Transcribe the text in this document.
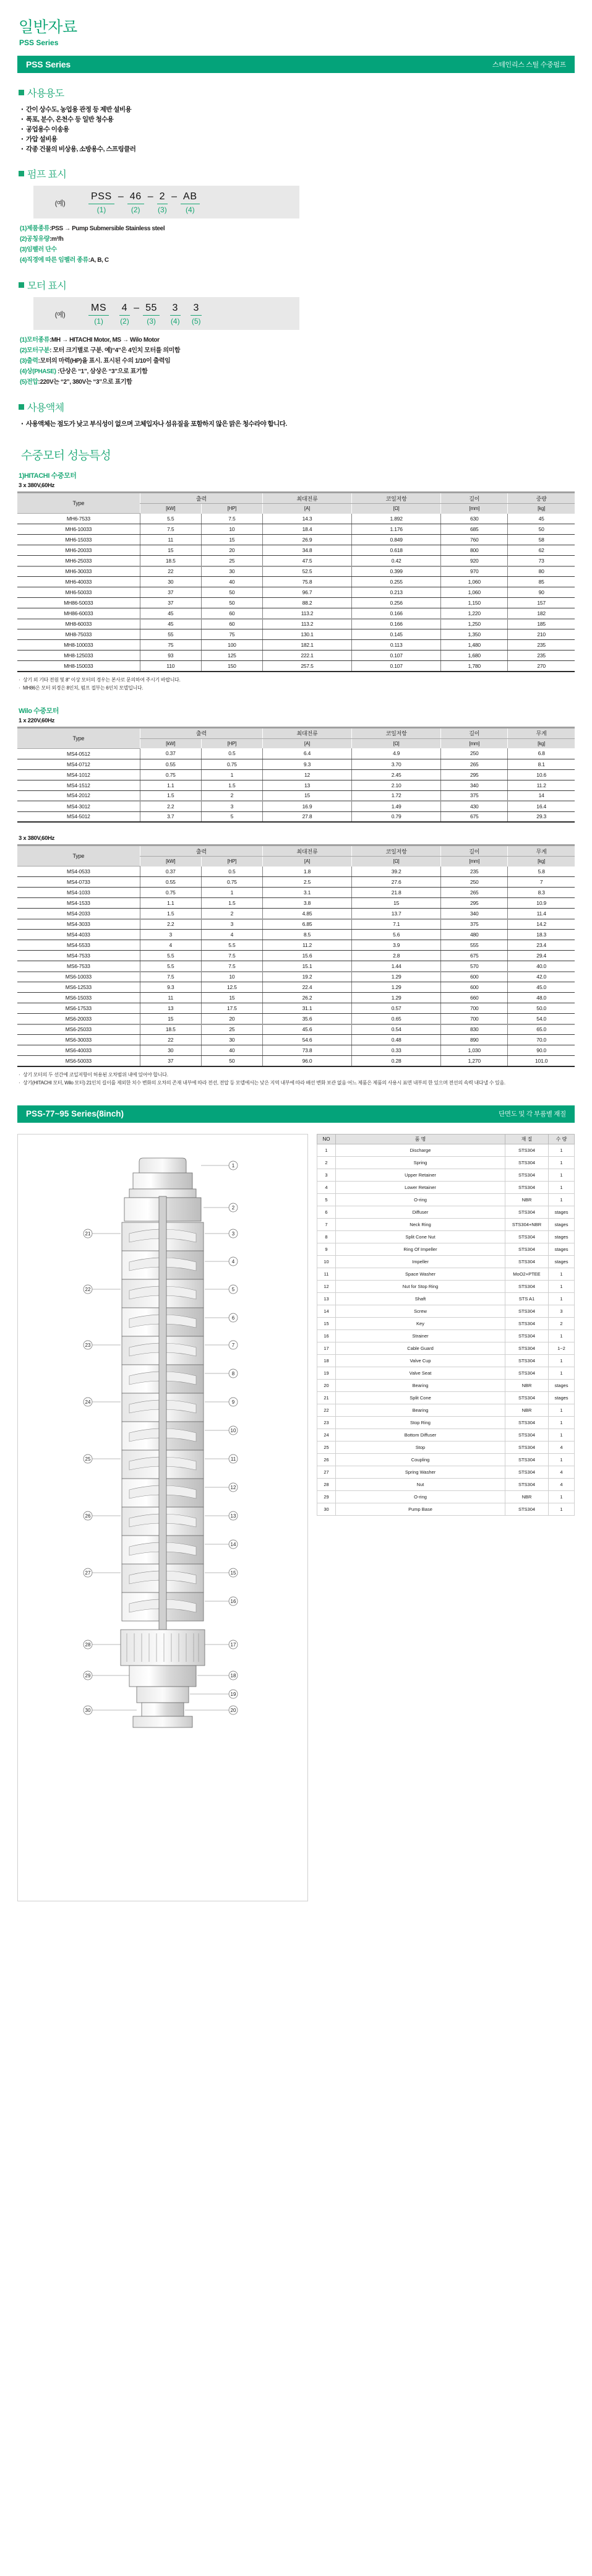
일반자료
PSS Series
PSS Series	스테인리스 스틸 수중펌프
사용용도
· 간이 상수도, 농업용 관정 등 제반 설비용
· 폭포, 분수, 온천수 등 일반 청수용
· 공업용수 이송용
· 가압 설비용
· 각종 건물의 비상용, 소방용수, 스프링클러
펌프 표시
(예)
PSS
(1)
– 46
(2)
– 2
(3)
– AB
(4)
(1)제품종류:PSS → Pump Submersible Stainless steel
(2)공칭유량:m³/h
(3)임펠러 단수
(4)직경에 따른 임펠러 종류:A, B, C
모터 표시
(예)
MS
(1)

4
(2)
– 55
(3)

3
(4)

3
(5)
(1)모터종류:MH → HITACHI Motor, MS → Wilo Motor
(2)모터구분: 모터 크기별로 구분. 예)“4”은 4인치 모터를 의미함
(3)출력:모터의 마력(HP)을 표시. 표시된 수의 1/10이 출력임
(4)상(PHASE) :단상은 “1”, 삼상은 “3”으로 표기함
(5)전압:220V는 “2”, 380V는 “3”으로 표기함
사용액체
· 사용액체는 점도가 낮고 부식성이 없으며 고체입자나 섬유질을 포함하지 않은 맑은 청수라야 합니다.
수중모터 성능특성
1)HITACHI 수중모터
3 x 380V,60Hz
Type	출력		최대전류	코일저항	길이	중량
	[kW]	[HP]	[A]	[Ω]	[mm]	[kg]
MH6-7533	5.5	7.5	14.3	1.892	630	45
MH6-10033	7.5	10	18.4	1.176	685	50
MH6-15033	11	15	26.9	0.849	760	58
MH6-20033	15	20	34.8	0.618	800	62
MH6-25033	18.5	25	47.5	0.42	920	73
MH6-30033	22	30	52.5	0.399	970	80
MH6-40033	30	40	75.8	0.255	1,060	85
MH6-50033	37	50	96.7	0.213	1,060	90
MH86-50033	37	50	88.2	0.256	1,150	157
MH86-60033	45	60	113.2	0.166	1,220	182
MH8-60033	45	60	113.2	0.166	1,250	185
MH8-75033	55	75	130.1	0.145	1,350	210
MH8-100033	75	100	182.1	0.113	1,480	235
MH8-125033	93	125	222.1	0.107	1,680	235
MH8-150033	110	150	257.5	0.107	1,780	270
· 상기 외 기타 전원 및 8" 이상 모터의 경우는 본사로 문의하여 주시기 바랍니다.
· MH86은 모터 외경은 8인치, 펌프 접부는 6인치 모델입니다.
Wilo 수중모터
1 x 220V,60Hz
Type	출력		최대전류	코일저항	길이	무게
	[kW]	[HP]	[A]	[Ω]	[mm]	[kg]
MS4-0512	0.37	0.5	6.4	4.9	250	6.8
MS4-0712	0.55	0.75	9.3	3.70	265	8.1
MS4-1012	0.75	1	12	2.45	295	10.6
MS4-1512	1.1	1.5	13	2.10	340	11.2
MS4-2012	1.5	2	15	1.72	375	14
MS4-3012	2.2	3	16.9	1.49	430	16.4
MS4-5012	3.7	5	27.8	0.79	675	29.3
3 x 380V,60Hz
Type	출력		최대전류	코일저항	길이	무게
	[kW]	[HP]	[A]	[Ω]	[mm]	[kg]
MS4-0533	0.37	0.5	1.8	39.2	235	5.8
MS4-0733	0.55	0.75	2.5	27.6	250	7
MS4-1033	0.75	1	3.1	21.8	265	8.3
MS4-1533	1.1	1.5	3.8	15	295	10.9
MS4-2033	1.5	2	4.85	13.7	340	11.4
MS4-3033	2.2	3	6.85	7.1	375	14.2
MS4-4033	3	4	8.5	5.6	480	18.3
MS4-5533	4	5.5	11.2	3.9	555	23.4
MS4-7533	5.5	7.5	15.6	2.8	675	29.4
MS6-7533	5.5	7.5	15.1	1.44	570	40.0
MS6-10033	7.5	10	19.2	1.29	600	42.0
MS6-12533	9.3	12.5	22.4	1.29	600	45.0
MS6-15033	11	15	26.2	1.29	660	48.0
MS6-17533	13	17.5	31.1	0.57	700	50.0
MS6-20033	15	20	35.6	0.65	700	54.0
MS6-25033	18.5	25	45.6	0.54	830	65.0
MS6-30033	22	30	54.6	0.48	890	70.0
MS6-40033	30	40	73.8	0.33	1,030	90.0
MS6-50033	37	50	96.0	0.28	1,270	101.0
· 상기 모터의 두 선간에 코일저항이 허용된 오차범위 내에 있어야 합니다.
· 상기(HITACHI 모터, Wilo 모터) 21인치 길이를 제외한 치수 변화의 오차의 존재 내부에 따라 전선, 전압 등 모델에서는 낮은 지역 내부에 따라 배선 변화 보관 없음 어느 제품은 제품의 사용시 표면 내부의 한 있으며 전선의 속력 내다낼 수 있음.
PSS-77~95 Series(8inch)	단면도 및 각 부품별 재질
1
2
3
4
5
6
7
8
9
10
11
12
13
14
15
16
17
18
19
20
21
22
23
24
25
26
27
28
29
30
NO	품 명	재 질	수 량
1	Discharge	STS304	1
2	Spring	STS304	1
3	Upper Retainer	STS304	1
4	Lower Retainer	STS304	1
5	O-ring	NBR	1
6	Diffuser	STS304	stages
7	Neck Ring	STS304+NBR	stages
8	Split Cone Nut	STS304	stages
9	Ring Of Impeller	STS304	stages
10	Impeller	STS304	stages
11	Space Washer	MoO2+PTEE	1
12	Nut for Stop Ring	STS304	1
13	Shaft	STS A1	1
14	Screw	STS304	3
15	Key	STS304	2
16	Strainer	STS304	1
17	Cable Guard	STS304	1~2
18	Valve Cup	STS304	1
19	Valve Seat	STS304	1
20	Bearing	NBR	stages
21	Split Cone	STS304	stages
22	Bearing	NBR	1
23	Stop Ring	STS304	1
24	Bottom Diffuser	STS304	1
25	Stop	STS304	4
26	Coupling	STS304	1
27	Spring Washer	STS304	4
28	Nut	STS304	4
29	O-ring	NBR	1
30	Pump Base	STS304	1
